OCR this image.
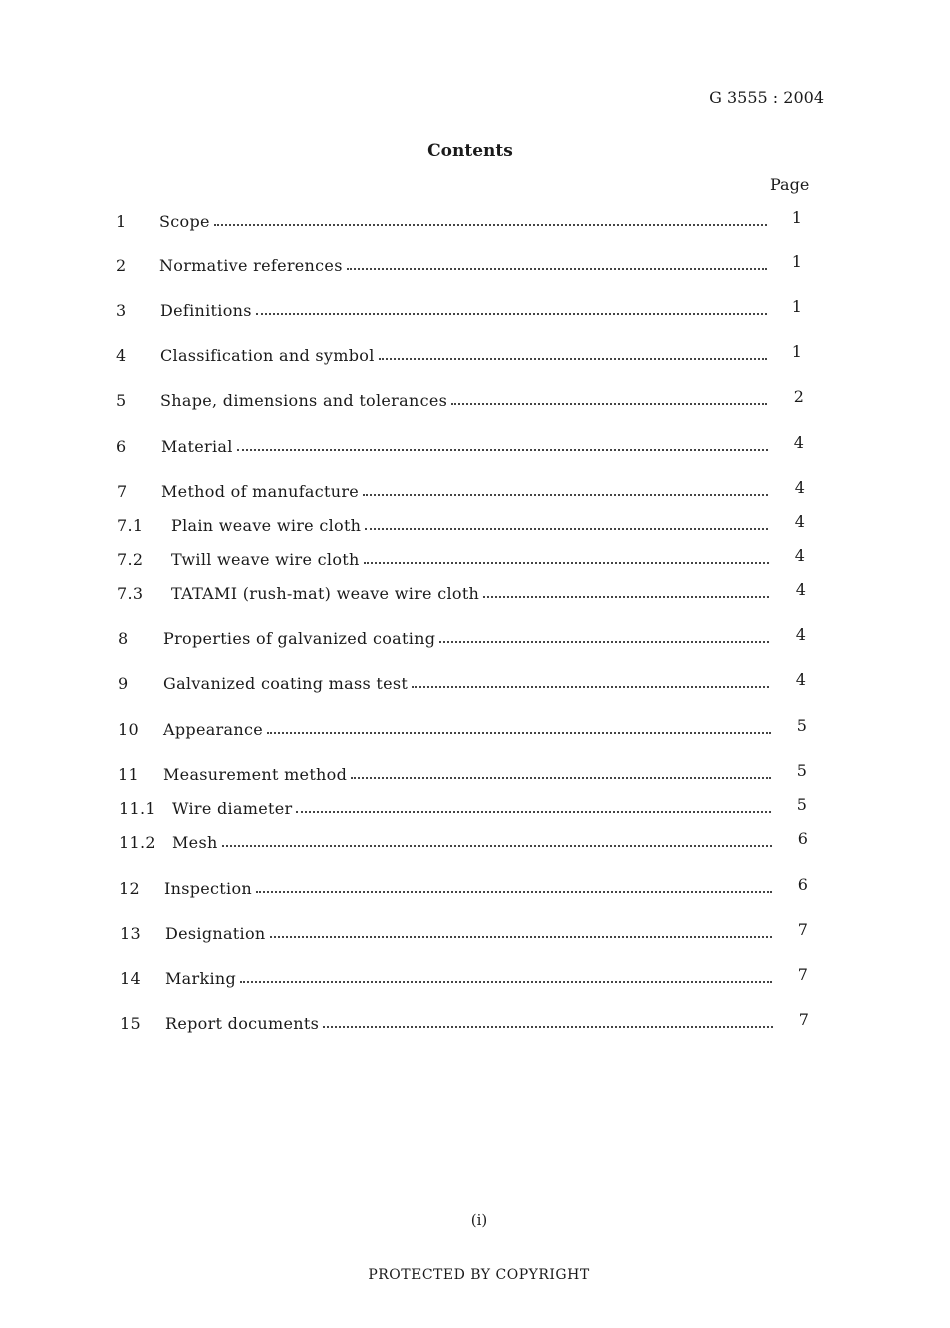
G 3555 : 2004
Contents
Page
1 Scope	1
2 Normative references	1
3 Definitions	1
4 Classification and symbol	1
5 Shape, dimensions and tolerances	2
6 Material	4
7 Method of manufacture	4
7.1 Plain weave wire cloth	4
7.2 Twill weave wire cloth	4
7.3 TATAMI (rush-mat) weave wire cloth	4
8 Properties of galvanized coating	4
9 Galvanized coating mass test	4
10 Appearance	5
11 Measurement method	5
11.1 Wire diameter	5
11.2 Mesh	6
12 Inspection	6
13 Designation	7
14 Marking	7
15 Report documents	7
(i)
PROTECTED BY COPYRIGHT
